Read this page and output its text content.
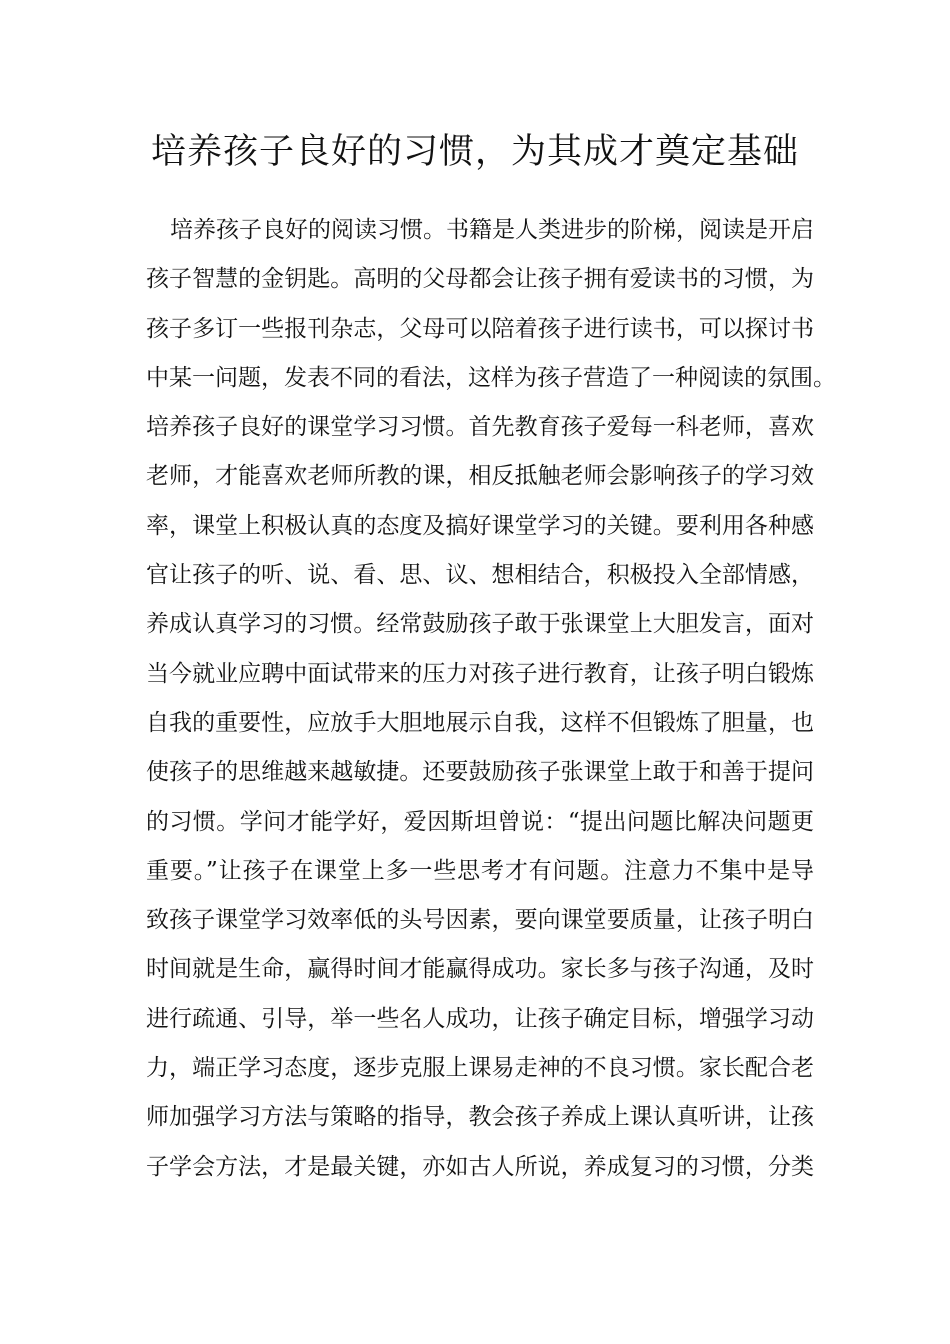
培养孩子良好的习惯，为其成才奠定基础
培养孩子良好的阅读习惯。书籍是人类进步的阶梯，阅读是开启
孩子智慧的金钥匙。高明的父母都会让孩子拥有爱读书的习惯，为
孩子多订一些报刊杂志，父母可以陪着孩子进行读书，可以探讨书
中某一问题，发表不同的看法，这样为孩子营造了一种阅读的氛围。
培养孩子良好的课堂学习习惯。首先教育孩子爱每一科老师，喜欢
老师，才能喜欢老师所教的课，相反抵触老师会影响孩子的学习效
率，课堂上积极认真的态度及搞好课堂学习的关键。要利用各种感
官让孩子的听、说、看、思、议、想相结合，积极投入全部情感，
养成认真学习的习惯。经常鼓励孩子敢于张课堂上大胆发言，面对
当今就业应聘中面试带来的压力对孩子进行教育，让孩子明白锻炼
自我的重要性，应放手大胆地展示自我，这样不但锻炼了胆量，也
使孩子的思维越来越敏捷。还要鼓励孩子张课堂上敢于和善于提问
的习惯。学问才能学好，爱因斯坦曾说：“提出问题比解决问题更
重要。”让孩子在课堂上多一些思考才有问题。注意力不集中是导
致孩子课堂学习效率低的头号因素，要向课堂要质量，让孩子明白
时间就是生命，赢得时间才能赢得成功。家长多与孩子沟通，及时
进行疏通、引导，举一些名人成功，让孩子确定目标，增强学习动
力，端正学习态度，逐步克服上课易走神的不良习惯。家长配合老
师加强学习方法与策略的指导，教会孩子养成上课认真听讲，让孩
子学会方法，才是最关键，亦如古人所说，养成复习的习惯，分类
